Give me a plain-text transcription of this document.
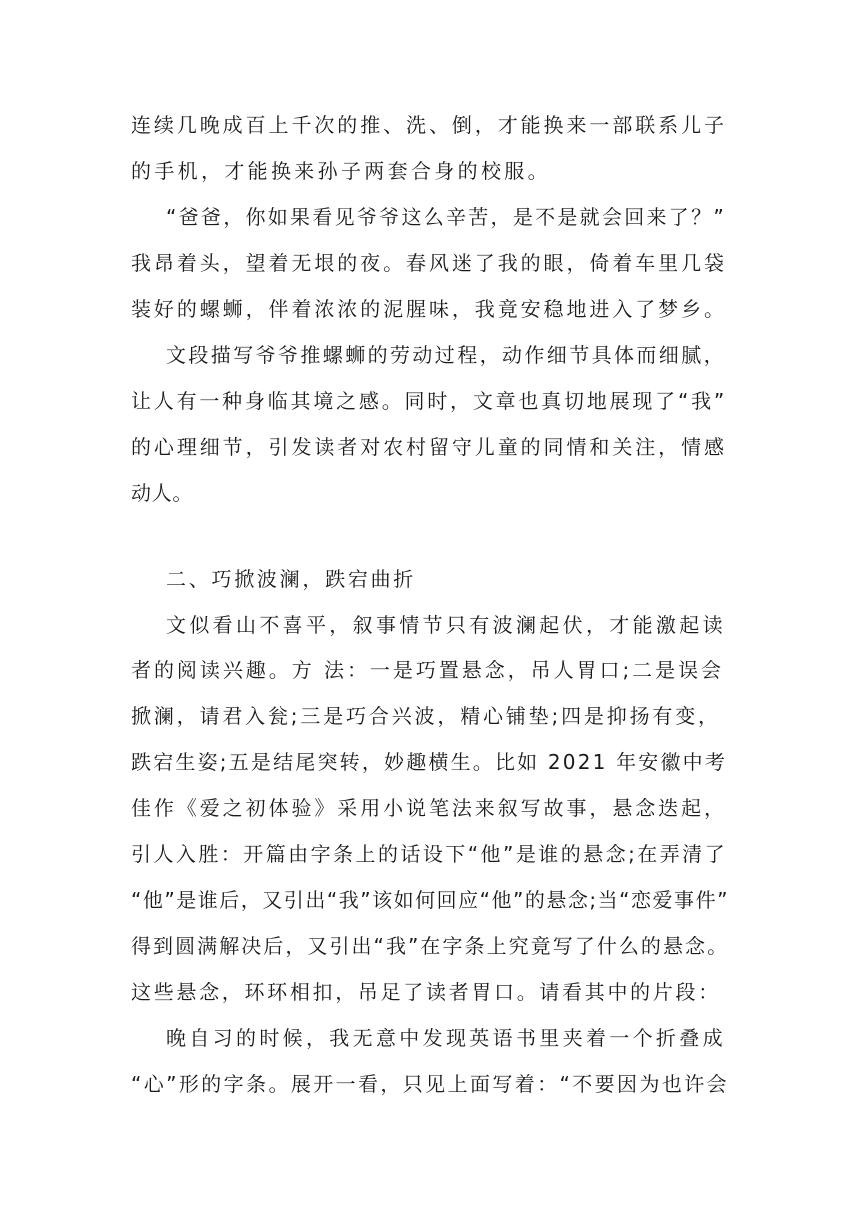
连续几晚成百上千次的推、洗、倒，才能换来一部联系儿子
的手机，才能换来孙子两套合身的校服。
“爸爸，你如果看见爷爷这么辛苦，是不是就会回来了？”
我昂着头，望着无垠的夜。春风迷了我的眼，倚着车里几袋
装好的螺蛳，伴着浓浓的泥腥味，我竟安稳地进入了梦乡。
文段描写爷爷推螺蛳的劳动过程，动作细节具体而细腻，
让人有一种身临其境之感。同时，文章也真切地展现了“我”
的心理细节，引发读者对农村留守儿童的同情和关注，情感
动人。
二、巧掀波澜，跌宕曲折
文似看山不喜平，叙事情节只有波澜起伏，才能激起读
者的阅读兴趣。方 法：一是巧置悬念，吊人胃口;二是误会
掀澜，请君入瓮;三是巧合兴波，精心铺垫;四是抑扬有变，
跌宕生姿;五是结尾突转，妙趣横生。比如 2021 年安徽中考
佳作《爱之初体验》采用小说笔法来叙写故事，悬念迭起，
引人入胜：开篇由字条上的话设下“他”是谁的悬念;在弄清了
“他”是谁后，又引出“我”该如何回应“他”的悬念;当“恋爱事件”
得到圆满解决后，又引出“我”在字条上究竟写了什么的悬念。
这些悬念，环环相扣，吊足了读者胃口。请看其中的片段：
晚自习的时候，我无意中发现英语书里夹着一个折叠成
“心”形的字条。展开一看，只见上面写着：“不要因为也许会
